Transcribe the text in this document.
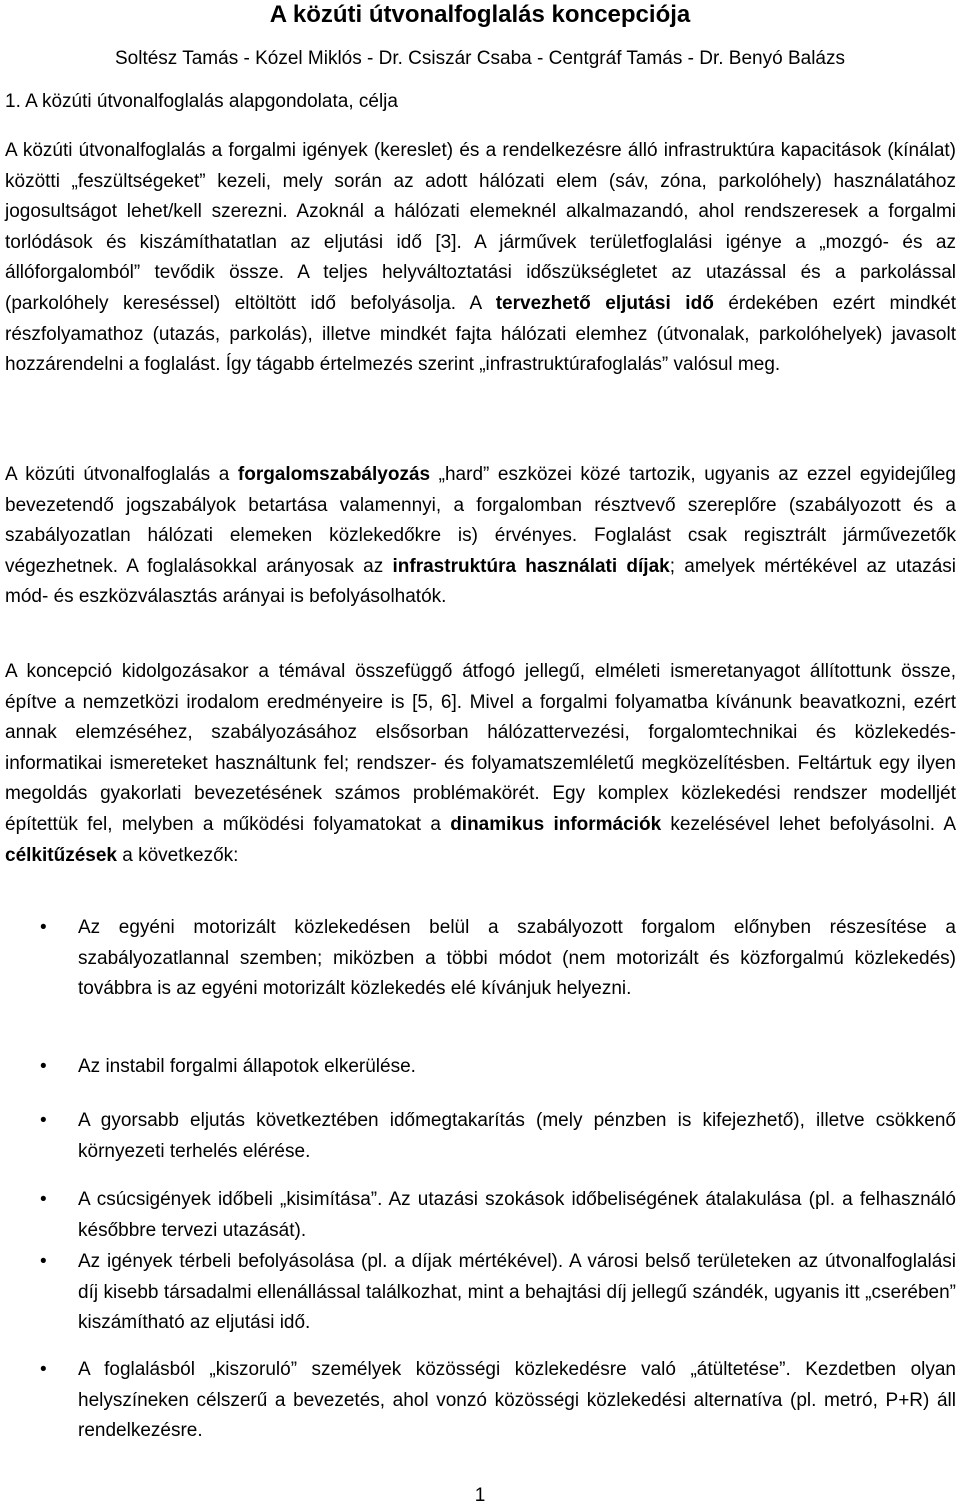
A közúti útvonalfoglalás koncepciója
Soltész Tamás - Kózel Miklós - Dr. Csiszár Csaba - Centgráf Tamás - Dr. Benyó Balázs
1. A közúti útvonalfoglalás alapgondolata, célja
A közúti útvonalfoglalás a forgalmi igények (kereslet) és a rendelkezésre álló infrastruktúra kapacitások (kínálat) közötti „feszültségeket” kezeli, mely során az adott hálózati elem (sáv, zóna, parkolóhely) használatához jogosultságot lehet/kell szerezni. Azoknál a hálózati elemeknél alkalmazandó, ahol rendszeresek a forgalmi torlódások és kiszámíthatatlan az eljutási idő [3]. A járművek területfoglalási igénye a „mozgó- és az állóforgalomból” tevődik össze. A teljes helyváltoztatási időszükségletet az utazással és a parkolással (parkolóhely kereséssel) eltöltött idő befolyásolja. A tervezhető eljutási idő érdekében ezért mindkét részfolyamathoz (utazás, parkolás), illetve mindkét fajta hálózati elemhez (útvonalak, parkolóhelyek) javasolt hozzárendelni a foglalást. Így tágabb értelmezés szerint „infrastruktúrafoglalás” valósul meg.
A közúti útvonalfoglalás a forgalomszabályozás „hard” eszközei közé tartozik, ugyanis az ezzel egyidejűleg bevezetendő jogszabályok betartása valamennyi, a forgalomban résztvevő szereplőre (szabályozott és a szabályozatlan hálózati elemeken közlekedőkre is) érvényes. Foglalást csak regisztrált járművezetők végezhetnek. A foglalásokkal arányosak az infrastruktúra használati díjak; amelyek mértékével az utazási mód- és eszközválasztás arányai is befolyásolhatók.
A koncepció kidolgozásakor a témával összefüggő átfogó jellegű, elméleti ismeretanyagot állítottunk össze, építve a nemzetközi irodalom eredményeire is [5, 6]. Mivel a forgalmi folyamatba kívánunk beavatkozni, ezért annak elemzéséhez, szabályozásához elsősorban hálózattervezési, forgalomtechnikai és közlekedés-informatikai ismereteket használtunk fel; rendszer- és folyamatszemléletű megközelítésben. Feltártuk egy ilyen megoldás gyakorlati bevezetésének számos problémakörét. Egy komplex közlekedési rendszer modelljét építettük fel, melyben a működési folyamatokat a dinamikus információk kezelésével lehet befolyásolni. A célkitűzések a következők:
• Az egyéni motorizált közlekedésen belül a szabályozott forgalom előnyben részesítése a szabályozatlannal szemben; miközben a többi módot (nem motorizált és közforgalmú közlekedés) továbbra is az egyéni motorizált közlekedés elé kívánjuk helyezni.
• Az instabil forgalmi állapotok elkerülése.
• A gyorsabb eljutás következtében időmegtakarítás (mely pénzben is kifejezhető), illetve csökkenő környezeti terhelés elérése.
• A csúcsigények időbeli „kisimítása”. Az utazási szokások időbeliségének átalakulása (pl. a felhasználó későbbre tervezi utazását).
• Az igények térbeli befolyásolása (pl. a díjak mértékével). A városi belső területeken az útvonalfoglalási díj kisebb társadalmi ellenállással találkozhat, mint a behajtási díj jellegű szándék, ugyanis itt „cserében” kiszámítható az eljutási idő.
• A foglalásból „kiszoruló” személyek közösségi közlekedésre való „átültetése”. Kezdetben olyan helyszíneken célszerű a bevezetés, ahol vonzó közösségi közlekedési alternatíva (pl. metró, P+R) áll rendelkezésre.
1
